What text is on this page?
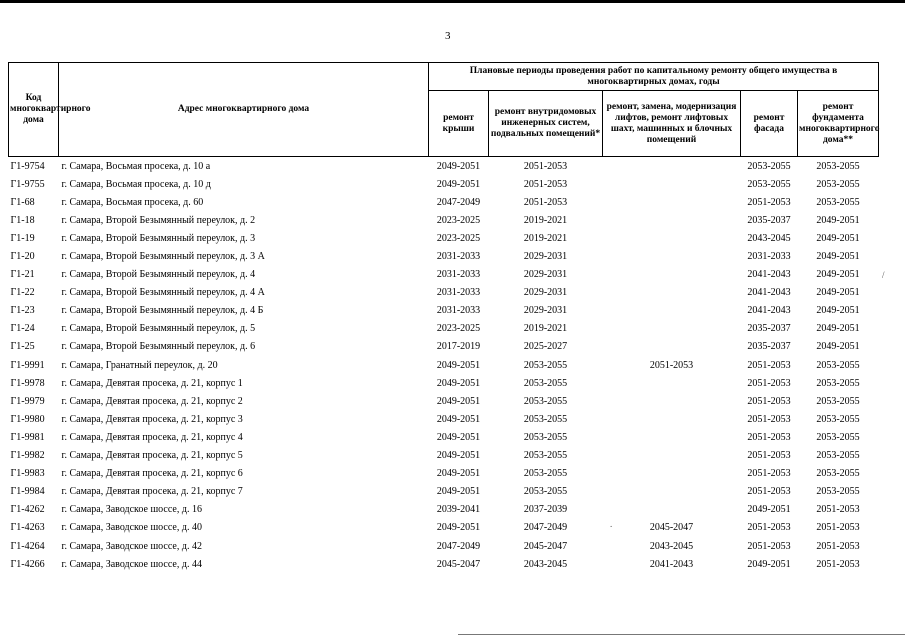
3
/
.
Код многоквартирного дома	Адрес многоквартирного дома	Плановые периоды проведения работ по капитальному ремонту общего имущества в многоквартирных домах, годы				
		ремонт крыши	ремонт внутридомовых инженерных систем, подвальных помещений*	ремонт, замена, модернизация лифтов, ремонт лифтовых шахт, машинных и блочных помещений	ремонт фасада	ремонт фундамента многоквартирного дома**
Г1-9754	г. Самара, Восьмая просека, д. 10 а	2049-2051	2051-2053		2053-2055	2053-2055
Г1-9755	г. Самара, Восьмая просека, д. 10 д	2049-2051	2051-2053		2053-2055	2053-2055
Г1-68	г. Самара, Восьмая просека, д. 60	2047-2049	2051-2053		2051-2053	2053-2055
Г1-18	г. Самара, Второй Безымянный переулок, д. 2	2023-2025	2019-2021		2035-2037	2049-2051
Г1-19	г. Самара, Второй Безымянный переулок, д. 3	2023-2025	2019-2021		2043-2045	2049-2051
Г1-20	г. Самара, Второй Безымянный переулок, д. 3 А	2031-2033	2029-2031		2031-2033	2049-2051
Г1-21	г. Самара, Второй Безымянный переулок, д. 4	2031-2033	2029-2031		2041-2043	2049-2051
Г1-22	г. Самара, Второй Безымянный переулок, д. 4 А	2031-2033	2029-2031		2041-2043	2049-2051
Г1-23	г. Самара, Второй Безымянный переулок, д. 4 Б	2031-2033	2029-2031		2041-2043	2049-2051
Г1-24	г. Самара, Второй Безымянный переулок, д. 5	2023-2025	2019-2021		2035-2037	2049-2051
Г1-25	г. Самара, Второй Безымянный переулок, д. 6	2017-2019	2025-2027		2035-2037	2049-2051
Г1-9991	г. Самара, Гранатный переулок, д. 20	2049-2051	2053-2055	2051-2053	2051-2053	2053-2055
Г1-9978	г. Самара, Девятая просека, д. 21, корпус 1	2049-2051	2053-2055		2051-2053	2053-2055
Г1-9979	г. Самара, Девятая просека, д. 21, корпус 2	2049-2051	2053-2055		2051-2053	2053-2055
Г1-9980	г. Самара, Девятая просека, д. 21, корпус 3	2049-2051	2053-2055		2051-2053	2053-2055
Г1-9981	г. Самара, Девятая просека, д. 21, корпус 4	2049-2051	2053-2055		2051-2053	2053-2055
Г1-9982	г. Самара, Девятая просека, д. 21, корпус 5	2049-2051	2053-2055		2051-2053	2053-2055
Г1-9983	г. Самара, Девятая просека, д. 21, корпус 6	2049-2051	2053-2055		2051-2053	2053-2055
Г1-9984	г. Самара, Девятая просека, д. 21, корпус 7	2049-2051	2053-2055		2051-2053	2053-2055
Г1-4262	г. Самара, Заводское шоссе, д. 16	2039-2041	2037-2039		2049-2051	2051-2053
Г1-4263	г. Самара, Заводское шоссе, д. 40	2049-2051	2047-2049	2045-2047	2051-2053	2051-2053
Г1-4264	г. Самара, Заводское шоссе, д. 42	2047-2049	2045-2047	2043-2045	2051-2053	2051-2053
Г1-4266	г. Самара, Заводское шоссе, д. 44	2045-2047	2043-2045	2041-2043	2049-2051	2051-2053
